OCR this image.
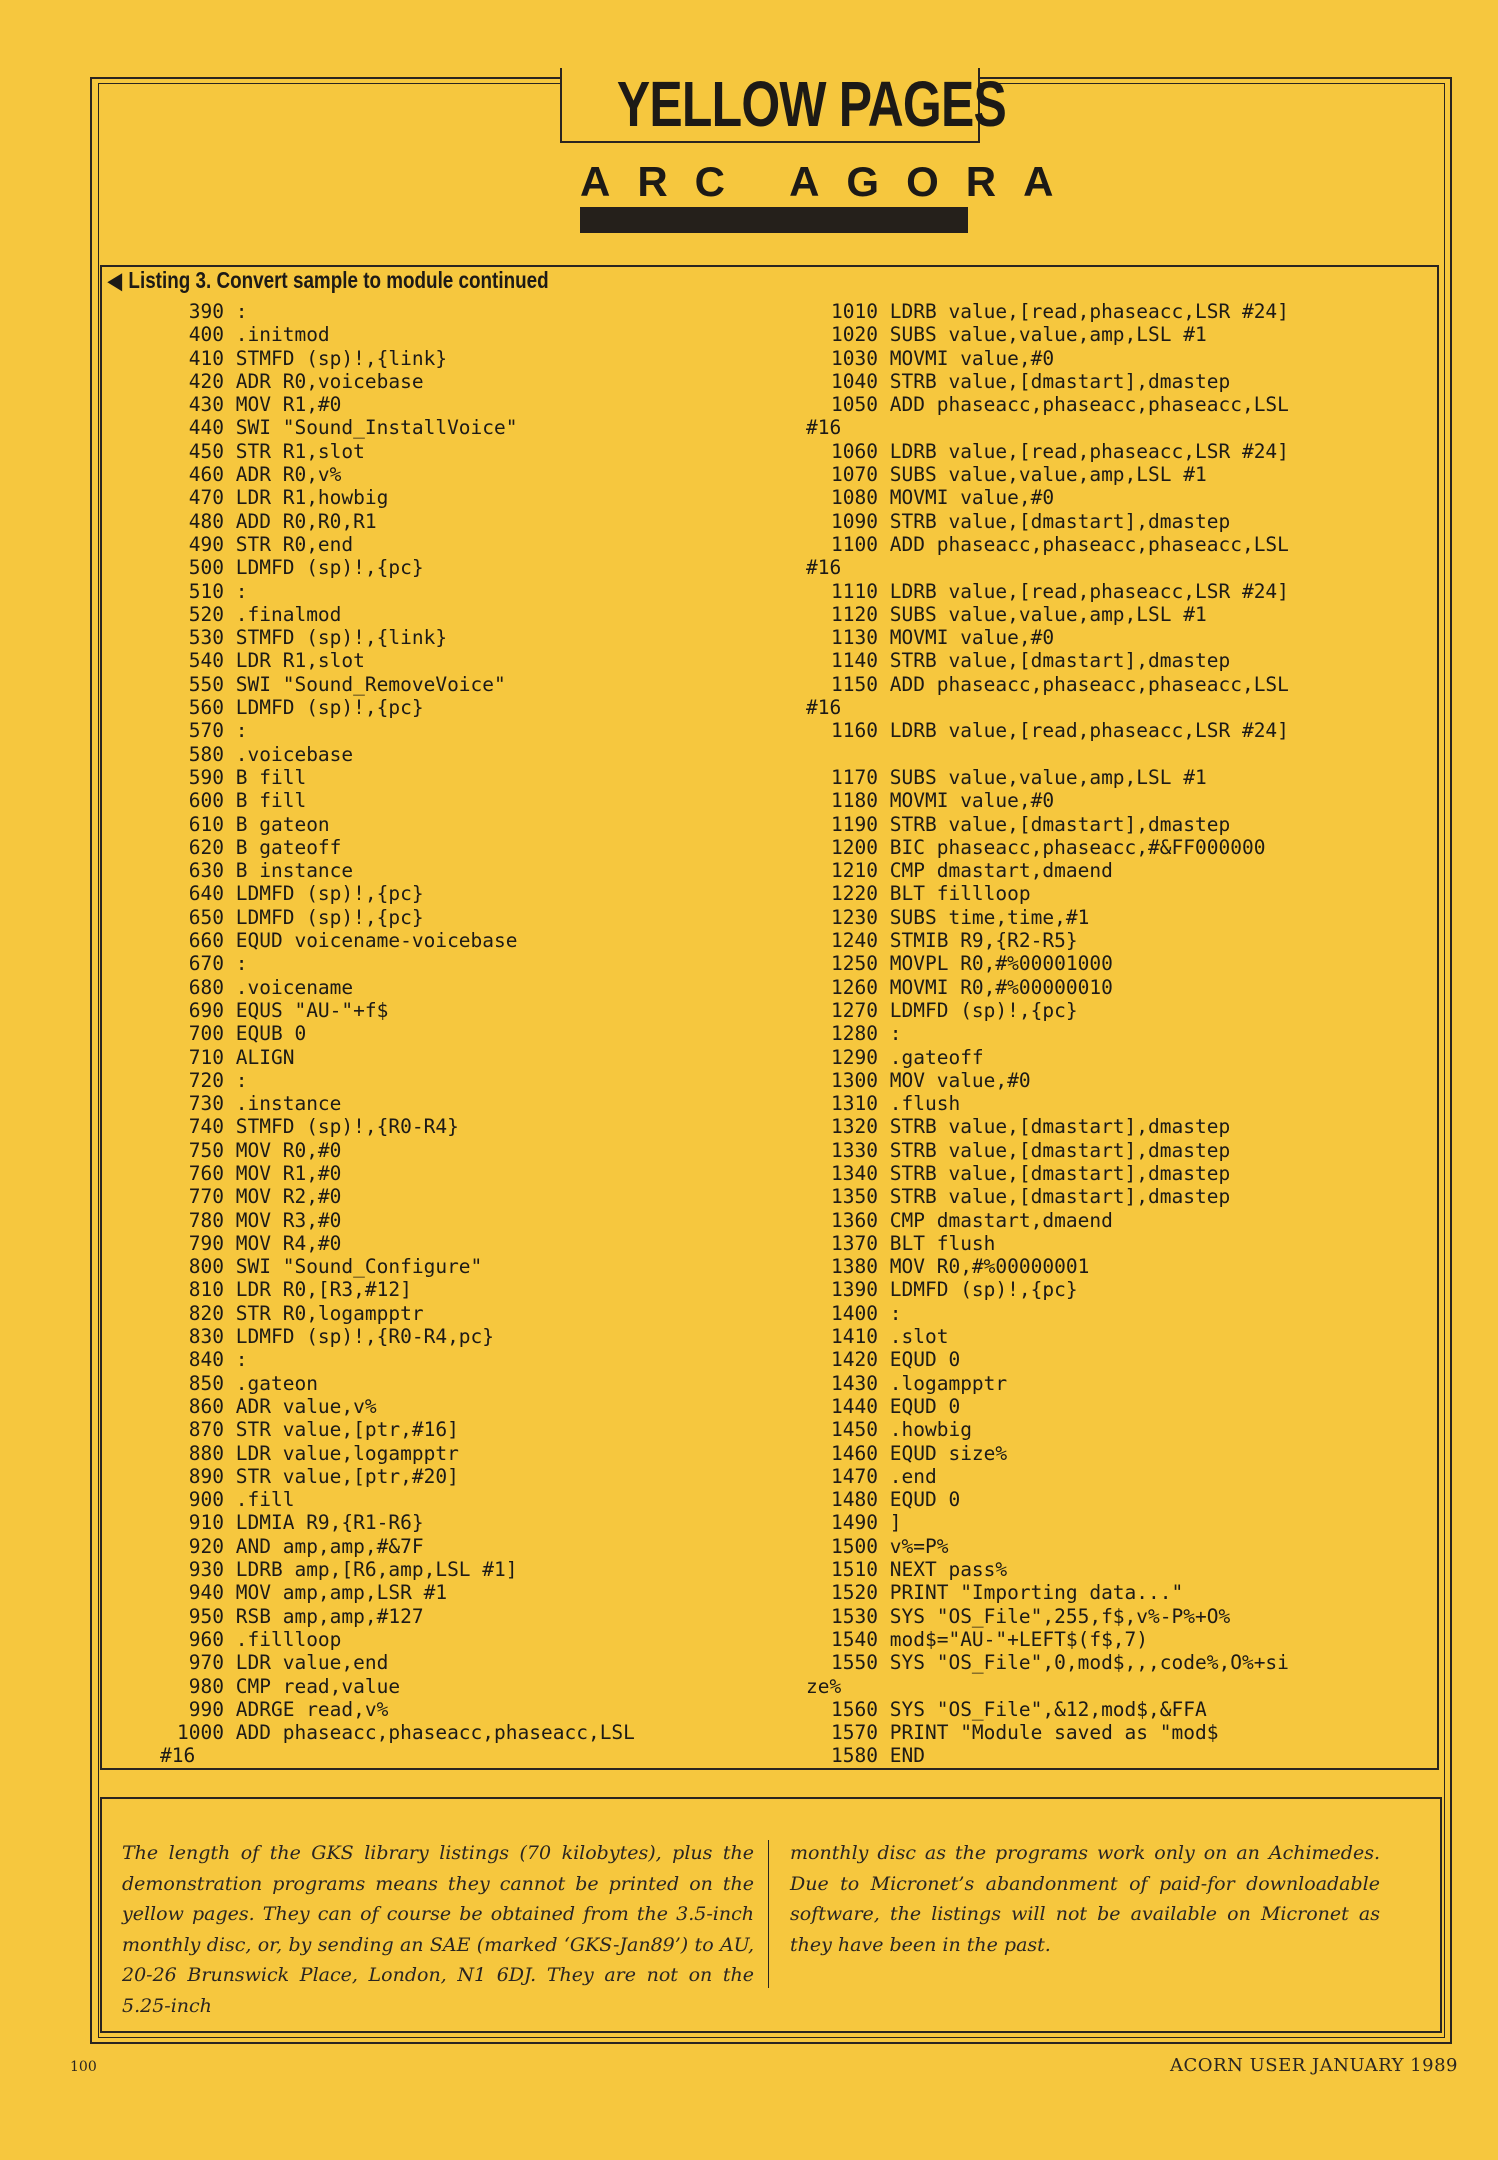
YELLOW PAGES
ARC AGORA
◀ Listing 3. Convert sample to module continued
390 :
400 .initmod
410 STMFD (sp)!,{link}
420 ADR R0,voicebase
430 MOV R1,#0
440 SWI "Sound_InstallVoice"
450 STR R1,slot
460 ADR R0,v%
470 LDR R1,howbig
480 ADD R0,R0,R1
490 STR R0,end
500 LDMFD (sp)!,{pc}
510 :
520 .finalmod
530 STMFD (sp)!,{link}
540 LDR R1,slot
550 SWI "Sound_RemoveVoice"
560 LDMFD (sp)!,{pc}
570 :
580 .voicebase
590 B fill
600 B fill
610 B gateon
620 B gateoff
630 B instance
640 LDMFD (sp)!,{pc}
650 LDMFD (sp)!,{pc}
660 EQUD voicename-voicebase
670 :
680 .voicename
690 EQUS "AU-"+f$
700 EQUB 0
710 ALIGN
720 :
730 .instance
740 STMFD (sp)!,{R0-R4}
750 MOV R0,#0
760 MOV R1,#0
770 MOV R2,#0
780 MOV R3,#0
790 MOV R4,#0
800 SWI "Sound_Configure"
810 LDR R0,[R3,#12]
820 STR R0,logampptr
830 LDMFD (sp)!,{R0-R4,pc}
840 :
850 .gateon
860 ADR value,v%
870 STR value,[ptr,#16]
880 LDR value,logampptr
890 STR value,[ptr,#20]
900 .fill
910 LDMIA R9,{R1-R6}
920 AND amp,amp,#&7F
930 LDRB amp,[R6,amp,LSL #1]
940 MOV amp,amp,LSR #1
950 RSB amp,amp,#127
960 .fillloop
970 LDR value,end
980 CMP read,value
990 ADRGE read,v%
1000 ADD phaseacc,phaseacc,phaseacc,LSL
#16
1010 LDRB value,[read,phaseacc,LSR #24]
1020 SUBS value,value,amp,LSL #1
1030 MOVMI value,#0
1040 STRB value,[dmastart],dmastep
1050 ADD phaseacc,phaseacc,phaseacc,LSL
#16
1060 LDRB value,[read,phaseacc,LSR #24]
1070 SUBS value,value,amp,LSL #1
1080 MOVMI value,#0
1090 STRB value,[dmastart],dmastep
1100 ADD phaseacc,phaseacc,phaseacc,LSL
#16
1110 LDRB value,[read,phaseacc,LSR #24]
1120 SUBS value,value,amp,LSL #1
1130 MOVMI value,#0
1140 STRB value,[dmastart],dmastep
1150 ADD phaseacc,phaseacc,phaseacc,LSL
#16
1160 LDRB value,[read,phaseacc,LSR #24]
1170 SUBS value,value,amp,LSL #1
1180 MOVMI value,#0
1190 STRB value,[dmastart],dmastep
1200 BIC phaseacc,phaseacc,#&FF000000
1210 CMP dmastart,dmaend
1220 BLT fillloop
1230 SUBS time,time,#1
1240 STMIB R9,{R2-R5}
1250 MOVPL R0,#%00001000
1260 MOVMI R0,#%00000010
1270 LDMFD (sp)!,{pc}
1280 :
1290 .gateoff
1300 MOV value,#0
1310 .flush
1320 STRB value,[dmastart],dmastep
1330 STRB value,[dmastart],dmastep
1340 STRB value,[dmastart],dmastep
1350 STRB value,[dmastart],dmastep
1360 CMP dmastart,dmaend
1370 BLT flush
1380 MOV R0,#%00000001
1390 LDMFD (sp)!,{pc}
1400 :
1410 .slot
1420 EQUD 0
1430 .logampptr
1440 EQUD 0
1450 .howbig
1460 EQUD size%
1470 .end
1480 EQUD 0
1490 ]
1500 v%=P%
1510 NEXT pass%
1520 PRINT "Importing data..."
1530 SYS "OS_File",255,f$,v%-P%+O%
1540 mod$="AU-"+LEFT$(f$,7)
1550 SYS "OS_File",0,mod$,,,code%,O%+si
ze%
1560 SYS "OS_File",&12,mod$,&FFA
1570 PRINT "Module saved as "mod$
1580 END
The length of the GKS library listings (70 kilobytes), plus the demonstration programs means they cannot be printed on the yellow pages. They can of course be obtained from the 3.5-inch monthly disc, or, by sending an SAE (marked ‘GKS-Jan89’) to AU, 20-26 Brunswick Place, London, N1 6DJ. They are not on the 5.25-inch
monthly disc as the programs work only on an Achimedes. Due to Micronet’s abandonment of paid-for downloadable software, the listings will not be available on Micronet as they have been in the past.
100	ACORN USER JANUARY 1989
